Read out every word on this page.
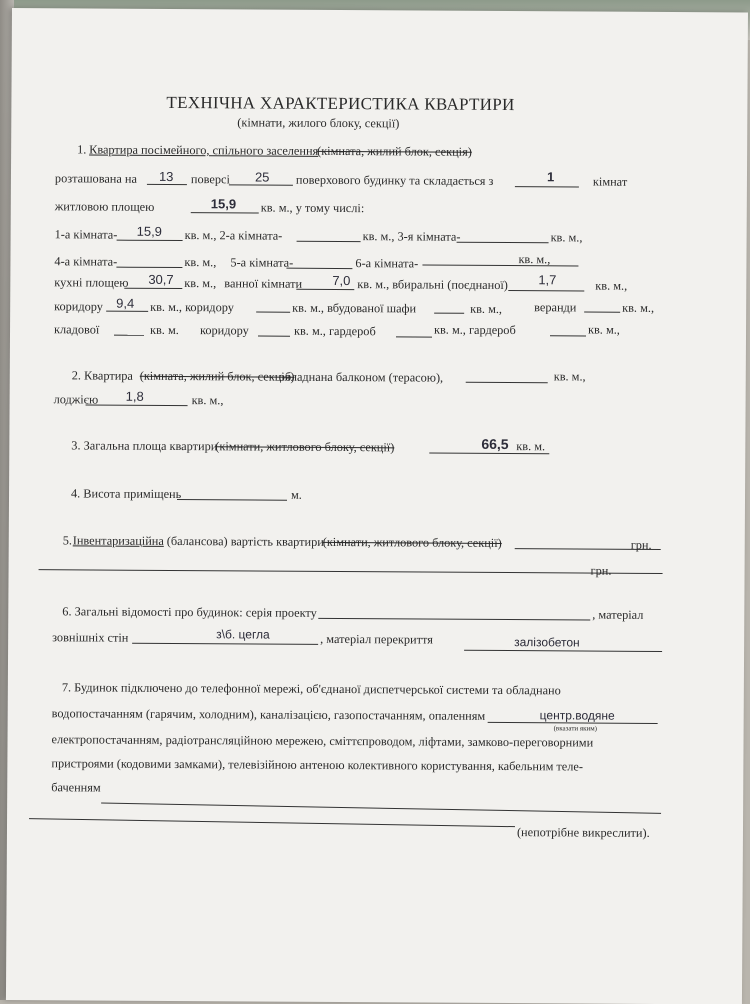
ТЕХНІЧНА ХАРАКТЕРИСТИКА КВАРТИРИ
(кімнати, жилого блоку, секції)
1. Квартира посімейного, спільного заселення
(кімната, жилий блок, секція)
розташована на 13 поверсі 25 поверхового будинку та складається з	1	кімнат
житловою площею	15,9 кв. м., у тому числі:
1-а кімната- 15,9 кв. м., 2-а кімната-	кв. м., 3-я кімната-	кв. м.,
4-а кімната-	кв. м., 5-а кімната-	6-а кімната-	кв. м.,
кухні площею 30,7 кв. м., ванної кімнати 7,0 кв. м., вбиральні (поєднаної) 1,7	кв. м.,
коридору 9,4 кв. м., коридору	кв. м., вбудованої шафи	кв. м.,	веранди	кв. м.,
кладової	кв. м. коридору	кв. м., гардероб	кв. м., гардероб	кв. м.,
2. Квартира (кімната, жилий блок, секція)
обладнана балконом (терасою),	кв. м.,
лоджією 1,8	кв. м.,
3. Загальна площа квартири
(кімнати, житлового блоку, секції)	66,5 кв. м.
4. Висота приміщень	м.
5. Інвентаризаційна (балансова) вартість квартири
(кімнати, житлового блоку, секції)	грн.
грн.
6. Загальні відомості про будинок: серія проекту	, матеріал
зовнішніх стін	з\б. цегла	, матеріал перекриття	залізобетон
7. Будинок підключено до телефонної мережі, об'єднаної диспетчерської системи та обладнано
водопостачанням (гарячим, холодним), каналізацією, газопостачанням, опаленням	центр.водяне
(вказати яким)
електропостачанням, радіотрансляційною мережею, сміттєпроводом, ліфтами, замково-переговорними
пристроями (кодовими замками), телевізійною антеною колективного користування, кабельним теле-
баченням
(непотрібне викреслити).
